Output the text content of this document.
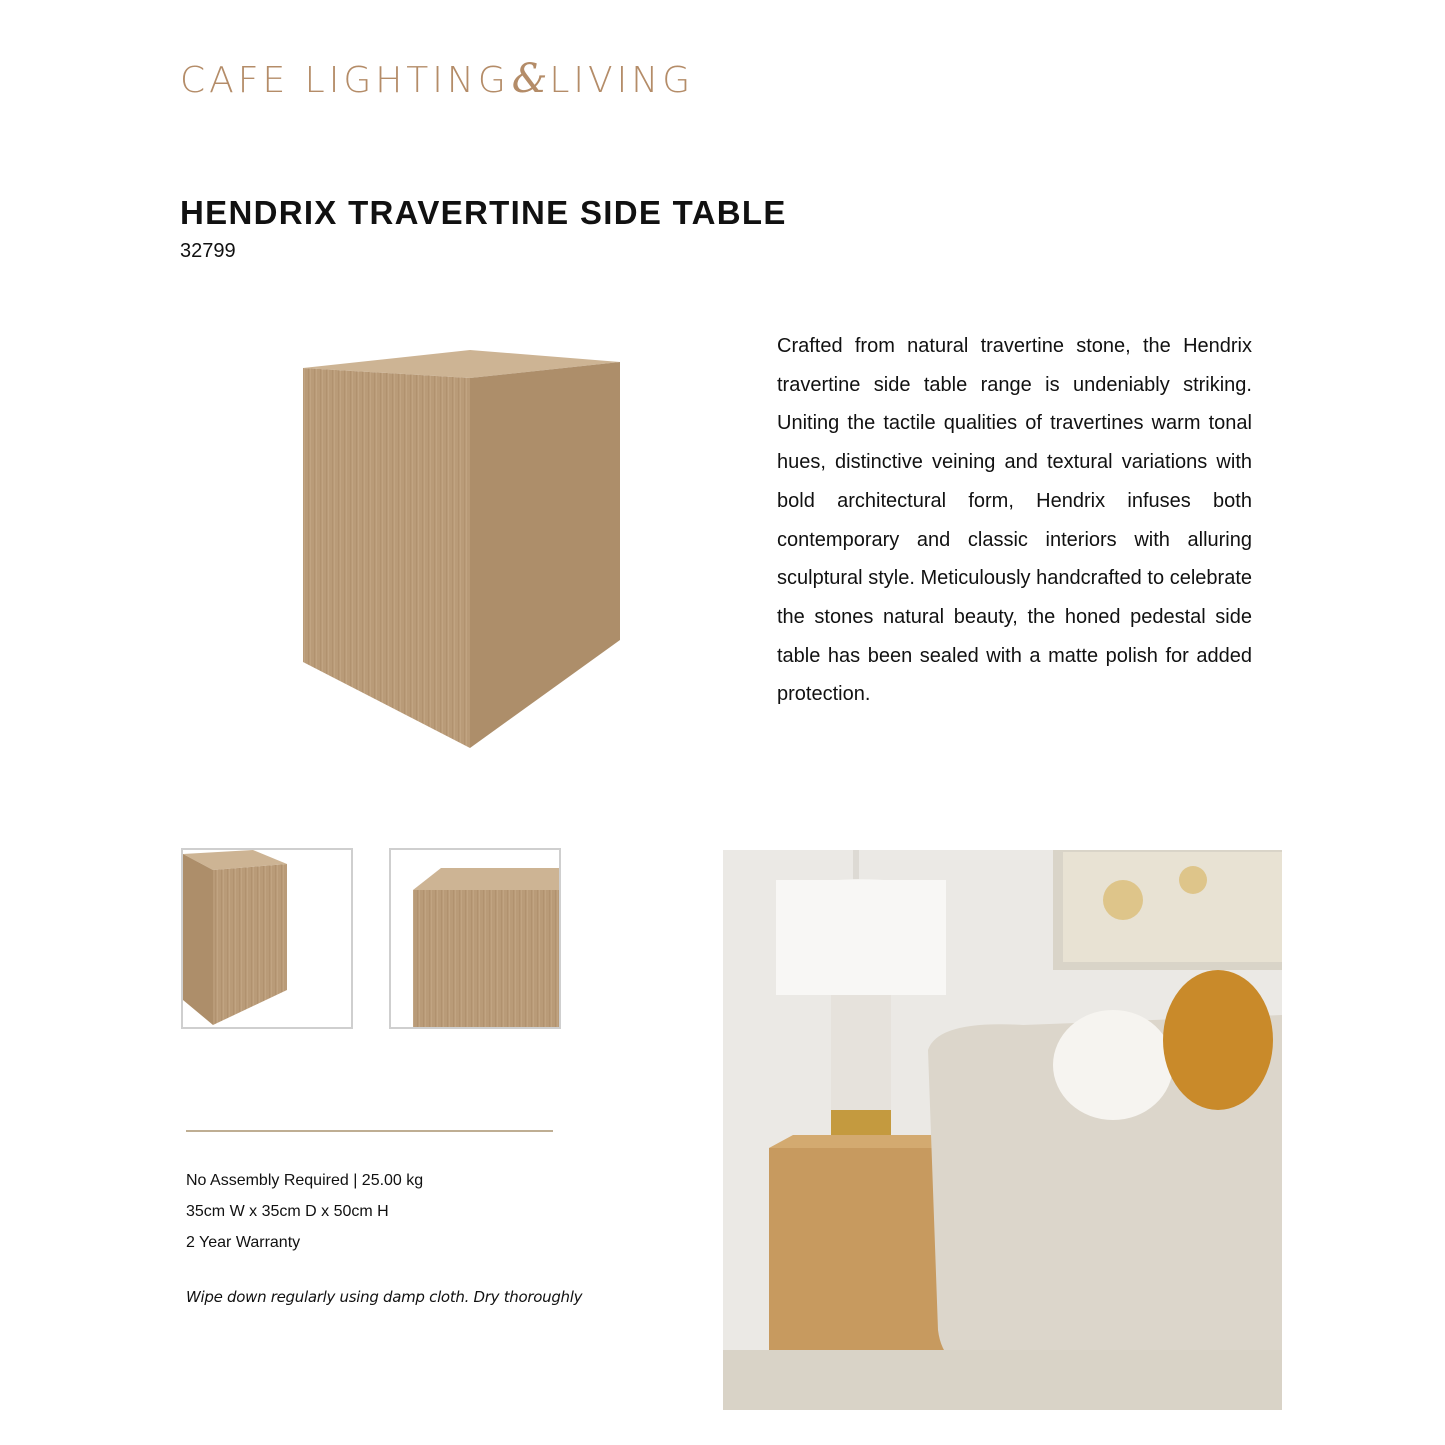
CAFE LIGHTING&LIVING
HENDRIX TRAVERTINE SIDE TABLE
32799
Crafted from natural travertine stone, the Hendrix travertine side table range is undeniably striking. Uniting the tactile qualities of travertines warm tonal hues, distinctive veining and textural variations with bold architectural form, Hendrix infuses both contemporary and classic interiors with alluring sculptural style. Meticulously handcrafted to celebrate the stones natural beauty, the honed pedestal side table has been sealed with a matte polish for added protection.
No Assembly Required | 25.00 kg
35cm W x 35cm D x 50cm H
2 Year Warranty
Wipe down regularly using damp cloth. Dry thoroughly
